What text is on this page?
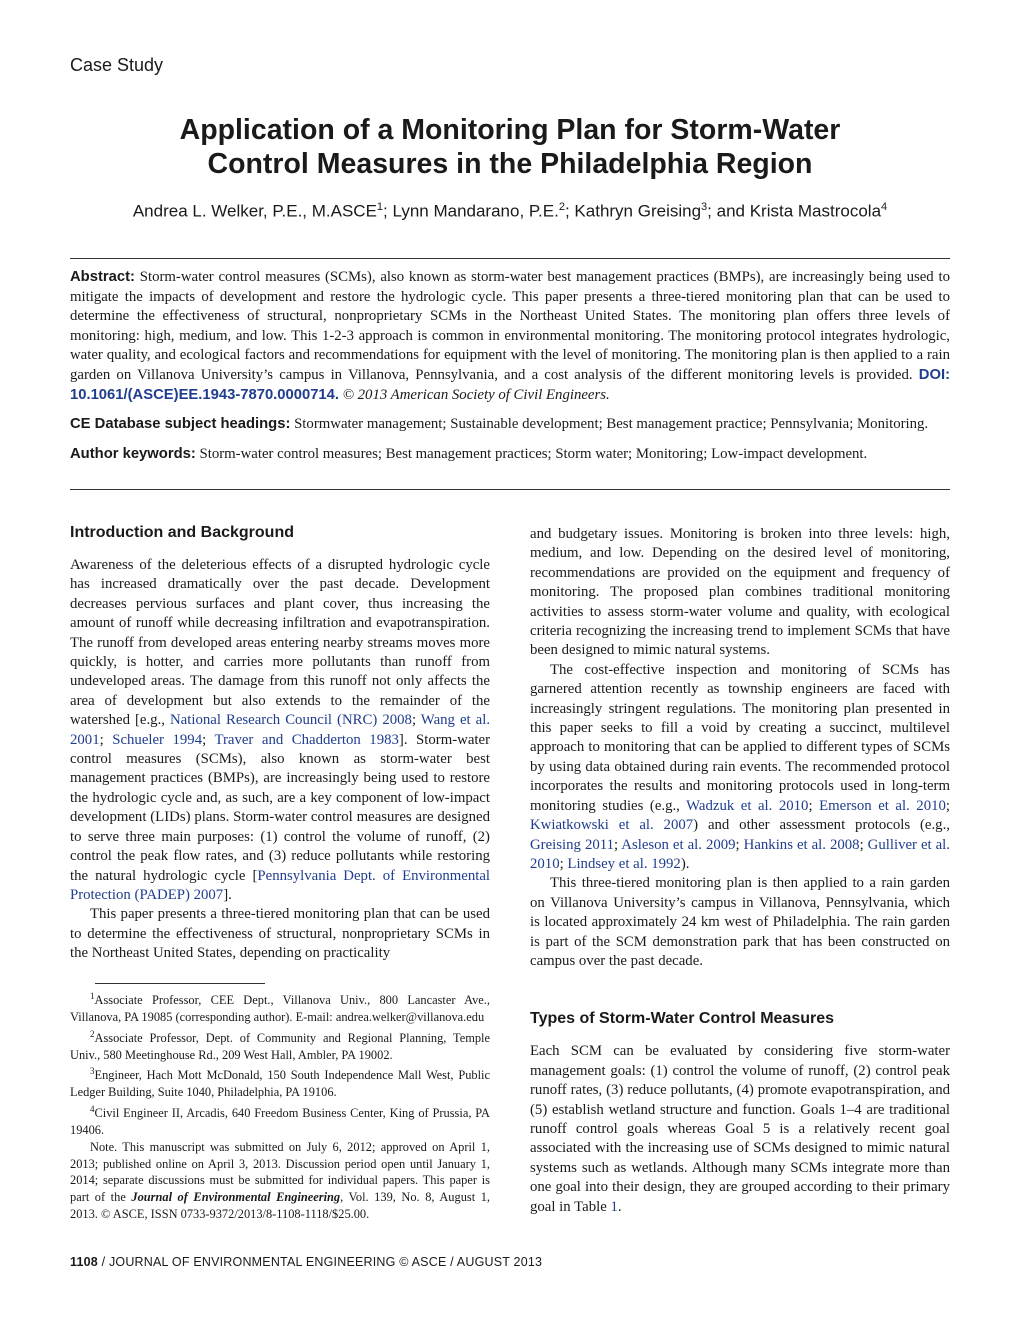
Case Study
Application of a Monitoring Plan for Storm-Water
Control Measures in the Philadelphia Region
Andrea L. Welker, P.E., M.ASCE$^1$; Lynn Mandarano, P.E.$^2$; Kathryn Greising$^3$; and Krista Mastrocola$^4$

Abstract: Storm-water control measures (SCMs), also known as storm-water best management practices (BMPs), are increasingly being used to mitigate the impacts of development and restore the hydrologic cycle. This paper presents a three-tiered monitoring plan that can be used to determine the effectiveness of structural, nonproprietary SCMs in the Northeast United States. The monitoring plan offers three levels of monitoring: high, medium, and low. This 1-2-3 approach is common in environmental monitoring. The monitoring protocol integrates hydrologic, water quality, and ecological factors and recommendations for equipment with the level of monitoring. The monitoring plan is then applied to a rain garden on Villanova University’s campus in Villanova, Pennsylvania, and a cost analysis of the different monitoring levels is provided. DOI: 10.1061/(ASCE)EE.1943-7870.0000714. © 2013 American Society of Civil Engineers.

CE Database subject headings: Stormwater management; Sustainable development; Best management practice; Pennsylvania; Monitoring.

Author keywords: Storm-water control measures; Best management practices; Storm water; Monitoring; Low-impact development.

Introduction and Background

Awareness of the deleterious effects of a disrupted hydrologic cycle has increased dramatically over the past decade. Development decreases pervious surfaces and plant cover, thus increasing the amount of runoff while decreasing infiltration and evapotranspiration. The runoff from developed areas entering nearby streams moves more quickly, is hotter, and carries more pollutants than runoff from undeveloped areas. The damage from this runoff not only affects the area of development but also extends to the remainder of the watershed [e.g., National Research Council (NRC) 2008; Wang et al. 2001; Schueler 1994; Traver and Chadderton 1983]. Storm-water control measures (SCMs), also known as storm-water best management practices (BMPs), are increasingly being used to restore the hydrologic cycle and, as such, are a key component of low-impact development (LIDs) plans. Storm-water control measures are designed to serve three main purposes: (1) control the volume of runoff, (2) control the peak flow rates, and (3) reduce pollutants while restoring the natural hydrologic cycle [Pennsylvania Dept. of Environmental Protection (PADEP) 2007].

This paper presents a three-tiered monitoring plan that can be used to determine the effectiveness of structural, nonproprietary SCMs in the Northeast United States, depending on practicality

$^1$Associate Professor, CEE Dept., Villanova Univ., 800 Lancaster Ave., Villanova, PA 19085 (corresponding author). E-mail: andrea.welker@villanova.edu

$^2$Associate Professor, Dept. of Community and Regional Planning, Temple Univ., 580 Meetinghouse Rd., 209 West Hall, Ambler, PA 19002.

$^3$Engineer, Hach Mott McDonald, 150 South Independence Mall West, Public Ledger Building, Suite 1040, Philadelphia, PA 19106.

$^4$Civil Engineer II, Arcadis, 640 Freedom Business Center, King of Prussia, PA 19406.

Note. This manuscript was submitted on July 6, 2012; approved on April 1, 2013; published online on April 3, 2013. Discussion period open until January 1, 2014; separate discussions must be submitted for individual papers. This paper is part of the Journal of Environmental Engineering, Vol. 139, No. 8, August 1, 2013. © ASCE, ISSN 0733-9372/2013/8-1108-1118/$25.00.

and budgetary issues. Monitoring is broken into three levels: high, medium, and low. Depending on the desired level of monitoring, recommendations are provided on the equipment and frequency of monitoring. The proposed plan combines traditional monitoring activities to assess storm-water volume and quality, with ecological criteria recognizing the increasing trend to implement SCMs that have been designed to mimic natural systems.

The cost-effective inspection and monitoring of SCMs has garnered attention recently as township engineers are faced with increasingly stringent regulations. The monitoring plan presented in this paper seeks to fill a void by creating a succinct, multilevel approach to monitoring that can be applied to different types of SCMs by using data obtained during rain events. The recommended protocol incorporates the results and monitoring protocols used in long-term monitoring studies (e.g., Wadzuk et al. 2010; Emerson et al. 2010; Kwiatkowski et al. 2007) and other assessment protocols (e.g., Greising 2011; Asleson et al. 2009; Hankins et al. 2008; Gulliver et al. 2010; Lindsey et al. 1992).

This three-tiered monitoring plan is then applied to a rain garden on Villanova University’s campus in Villanova, Pennsylvania, which is located approximately 24 km west of Philadelphia. The rain garden is part of the SCM demonstration park that has been constructed on campus over the past decade.

Types of Storm-Water Control Measures

Each SCM can be evaluated by considering five storm-water management goals: (1) control the volume of runoff, (2) control peak runoff rates, (3) reduce pollutants, (4) promote evapotranspiration, and (5) establish wetland structure and function. Goals 1–4 are traditional runoff control goals whereas Goal 5 is a relatively recent goal associated with the increasing use of SCMs designed to mimic natural systems such as wetlands. Although many SCMs integrate more than one goal into their design, they are grouped according to their primary goal in Table 1.

1108 / JOURNAL OF ENVIRONMENTAL ENGINEERING © ASCE / AUGUST 2013
